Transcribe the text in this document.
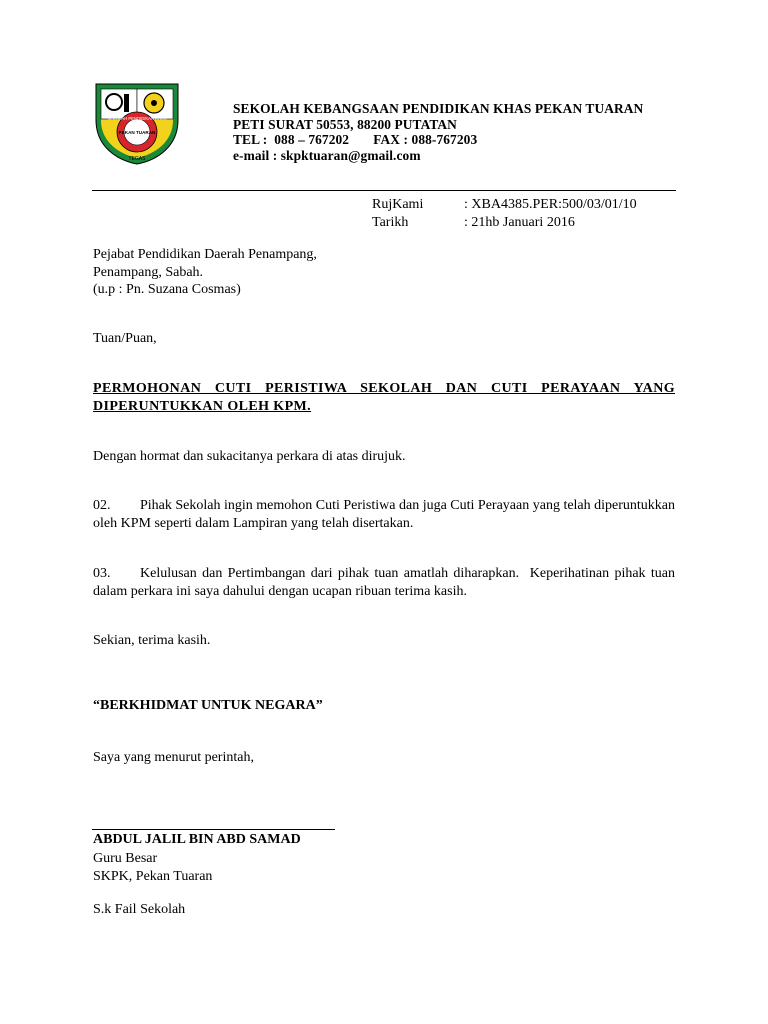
SEKOLAH PENDIDIKAN KHAS
PEKAN TUARAN
TEGAS
SEKOLAH KEBANGSAAN PENDIDIKAN KHAS PEKAN TUARAN
PETI SURAT 50553, 88200 PUTATAN
TEL :  088 – 767202       FAX : 088-767203
e-mail : skpktuaran@gmail.com
RujKami	: XBA4385.PER:500/03/01/10
Tarikh	: 21hb Januari 2016
Pejabat Pendidikan Daerah Penampang,
Penampang, Sabah.
(u.p : Pn. Suzana Cosmas)
Tuan/Puan,
PERMOHONAN CUTI PERISTIWA SEKOLAH DAN CUTI PERAYAAN YANG DIPERUNTUKKAN OLEH KPM.
Dengan hormat dan sukacitanya perkara di atas dirujuk.
02. Pihak Sekolah ingin memohon Cuti Peristiwa dan juga Cuti Perayaan yang telah diperuntukkan oleh KPM seperti dalam Lampiran yang telah disertakan.
03. Kelulusan dan Pertimbangan dari pihak tuan amatlah diharapkan.  Keperihatinan pihak tuan dalam perkara ini saya dahului dengan ucapan ribuan terima kasih.
Sekian, terima kasih.
“BERKHIDMAT UNTUK NEGARA”
Saya yang menurut perintah,
ABDUL JALIL BIN ABD SAMAD
Guru Besar
SKPK, Pekan Tuaran
S.k Fail Sekolah
